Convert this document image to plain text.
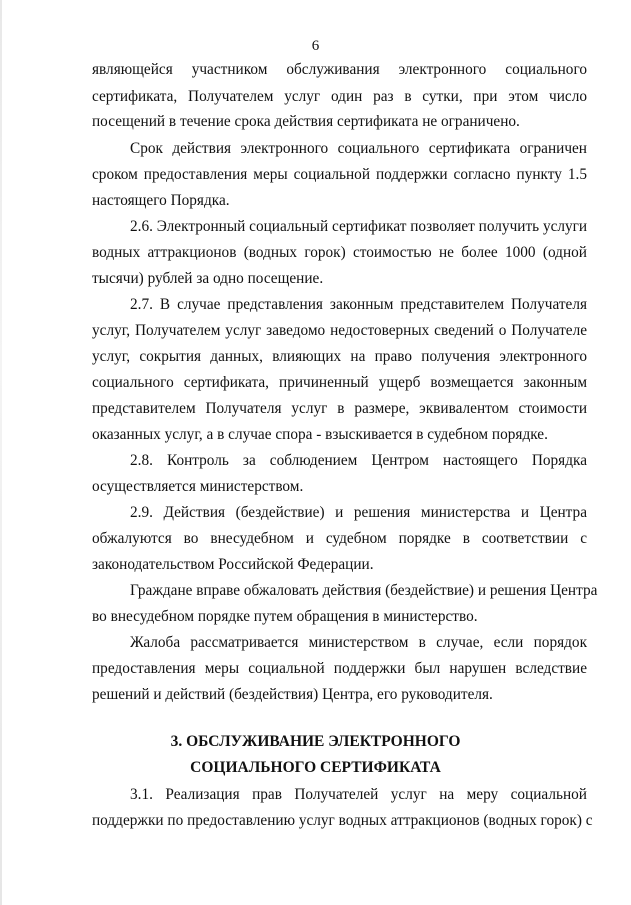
6
являющейся участником обслуживания электронного социального
сертификата, Получателем услуг один раз в сутки, при этом число
посещений в течение срока действия сертификата не ограничено.
Срок действия электронного социального сертификата ограничен
сроком предоставления меры социальной поддержки согласно пункту 1.5
настоящего Порядка.
2.6. Электронный социальный сертификат позволяет получить услуги
водных аттракционов (водных горок) стоимостью не более 1000 (одной
тысячи) рублей за одно посещение.
2.7. В случае представления законным представителем Получателя
услуг, Получателем услуг заведомо недостоверных сведений о Получателе
услуг, сокрытия данных, влияющих на право получения электронного
социального сертификата, причиненный ущерб возмещается законным
представителем Получателя услуг в размере, эквивалентом стоимости
оказанных услуг, а в случае спора - взыскивается в судебном порядке.
2.8. Контроль за соблюдением Центром настоящего Порядка
осуществляется министерством.
2.9. Действия (бездействие) и решения министерства и Центра
обжалуются во внесудебном и судебном порядке в соответствии с
законодательством Российской Федерации.
Граждане вправе обжаловать действия (бездействие) и решения Центра
во внесудебном порядке путем обращения в министерство.
Жалоба рассматривается министерством в случае, если порядок
предоставления меры социальной поддержки был нарушен вследствие
решений и действий (бездействия) Центра, его руководителя.
3. ОБСЛУЖИВАНИЕ ЭЛЕКТРОННОГО
СОЦИАЛЬНОГО СЕРТИФИКАТА
3.1. Реализация прав Получателей услуг на меру социальной
поддержки по предоставлению услуг водных аттракционов (водных горок) с
